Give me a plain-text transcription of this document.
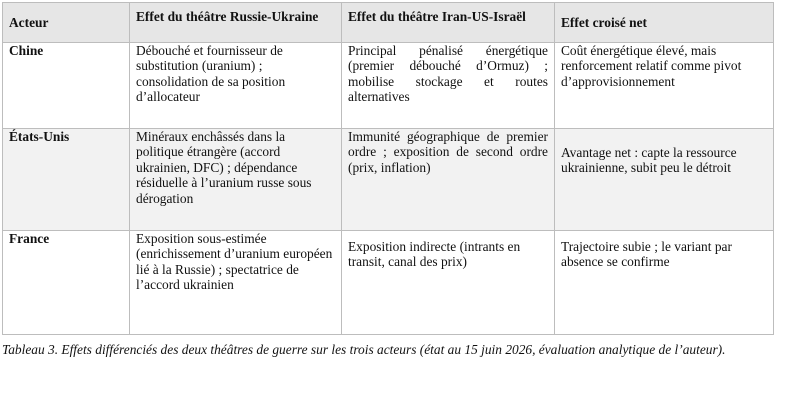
Acteur	Effet du théâtre Russie-Ukraine	Effet du théâtre Iran-US-Israël	Effet croisé net
Chine	Débouché et fournisseur de substitution (uranium) ; consolidation de sa position d’allocateur	Principal pénalisé énergétique (premier débouché d’Ormuz) ; mobilise stockage et routes alternatives	Coût énergétique élevé, mais renforcement relatif comme pivot d’approvisionnement
États-Unis	Minéraux enchâssés dans la politique étrangère (accord ukrainien, DFC) ; dépendance résiduelle à l’uranium russe sous dérogation	Immunité géographique de premier ordre ; exposition de second ordre (prix, inflation)	Avantage net : capte la ressource ukrainienne, subit peu le détroit
France	Exposition sous-estimée (enrichissement d’uranium européen lié à la Russie) ; spectatrice de l’accord ukrainien	Exposition indirecte (intrants en transit, canal des prix)	Trajectoire subie ; le variant par absence se confirme

Tableau 3. Effets différenciés des deux théâtres de guerre sur les trois acteurs (état au 15 juin 2026, évaluation analytique de l’auteur).
